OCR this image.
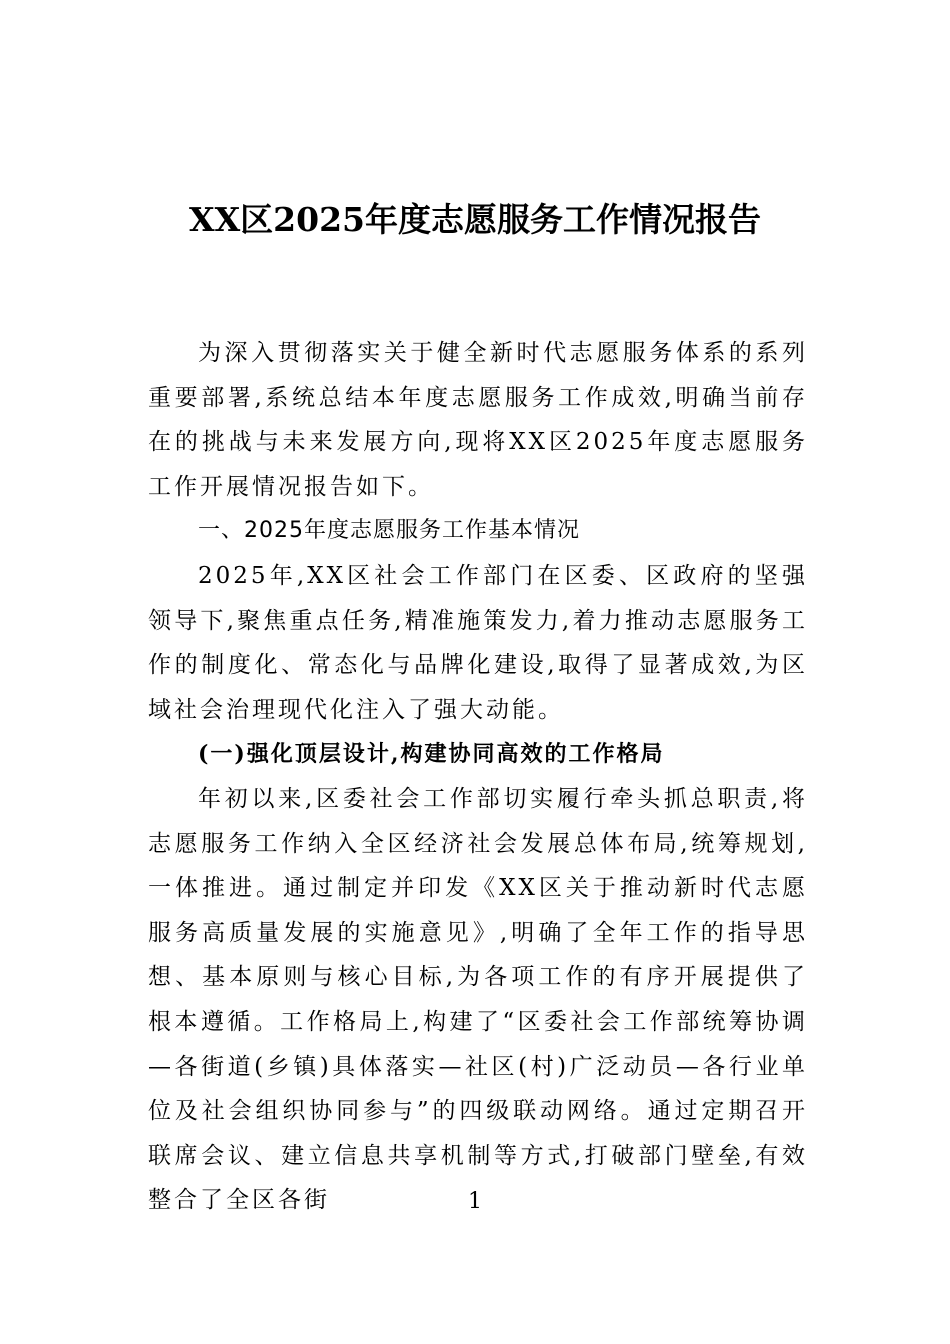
XX区2025年度志愿服务工作情况报告

为深入贯彻落实关于健全新时代志愿服务体系的系列重要部署,系统总结本年度志愿服务工作成效,明确当前存在的挑战与未来发展方向,现将XX区2025年度志愿服务工作开展情况报告如下。

一、2025年度志愿服务工作基本情况

2025年,XX区社会工作部门在区委、区政府的坚强领导下,聚焦重点任务,精准施策发力,着力推动志愿服务工作的制度化、常态化与品牌化建设,取得了显著成效,为区域社会治理现代化注入了强大动能。

(一)强化顶层设计,构建协同高效的工作格局

年初以来,区委社会工作部切实履行牵头抓总职责,将志愿服务工作纳入全区经济社会发展总体布局,统筹规划,一体推进。通过制定并印发《XX区关于推动新时代志愿服务高质量发展的实施意见》,明确了全年工作的指导思想、基本原则与核心目标,为各项工作的有序开展提供了根本遵循。工作格局上,构建了“区委社会工作部统筹协调—各街道(乡镇)具体落实—社区(村)广泛动员—各行业单位及社会组织协同参与”的四级联动网络。通过定期召开联席会议、建立信息共享机制等方式,打破部门壁垒,有效整合了全区各街	1
